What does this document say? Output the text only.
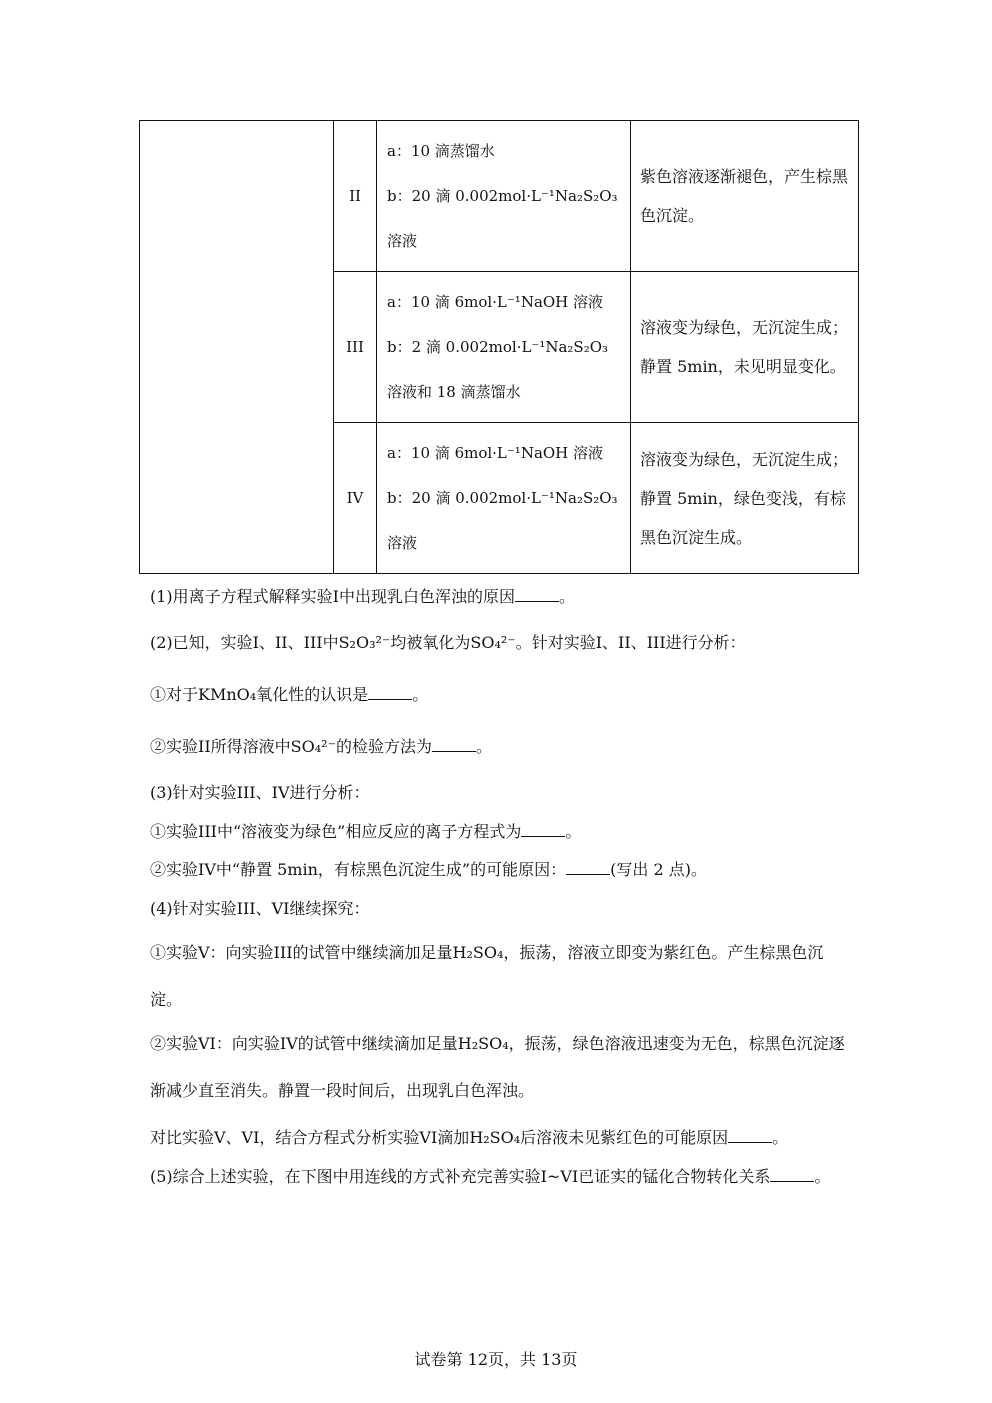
	II	a：10 滴蒸馏水
b：20 滴 0.002mol·L⁻¹Na₂S₂O₃
溶液	紫色溶液逐渐褪色，产生棕黑色沉淀。
	III	a：10 滴 6mol·L⁻¹NaOH 溶液
b：2 滴 0.002mol·L⁻¹Na₂S₂O₃
溶液和 18 滴蒸馏水	溶液变为绿色，无沉淀生成；静置 5min，未见明显变化。
	IV	a：10 滴 6mol·L⁻¹NaOH 溶液
b：20 滴 0.002mol·L⁻¹Na₂S₂O₃
溶液	溶液变为绿色，无沉淀生成；静置 5min，绿色变浅，有棕黑色沉淀生成。
(1)用离子方程式解释实验I中出现乳白色浑浊的原因	。
(2)已知，实验I、II、III中S₂O₃²⁻均被氧化为SO₄²⁻。针对实验I、II、III进行分析：
①对于KMnO₄氧化性的认识是	。
②实验II所得溶液中SO₄²⁻的检验方法为	。
(3)针对实验III、IV进行分析：
①实验III中“溶液变为绿色”相应反应的离子方程式为	。
②实验IV中“静置 5min，有棕黑色沉淀生成”的可能原因：	(写出 2 点)。
(4)针对实验III、VI继续探究：
①实验V：向实验III的试管中继续滴加足量H₂SO₄，振荡，溶液立即变为紫红色。产生棕黑色沉淀。
②实验VI：向实验IV的试管中继续滴加足量H₂SO₄，振荡，绿色溶液迅速变为无色，棕黑色沉淀逐渐减少直至消失。静置一段时间后，出现乳白色浑浊。
对比实验V、VI，结合方程式分析实验VI滴加H₂SO₄后溶液未见紫红色的可能原因	。
(5)综合上述实验，在下图中用连线的方式补充完善实验I~VI已 ·证 ·实 ·的锰化合物转化关系	。
试卷第 12页，共 13页
